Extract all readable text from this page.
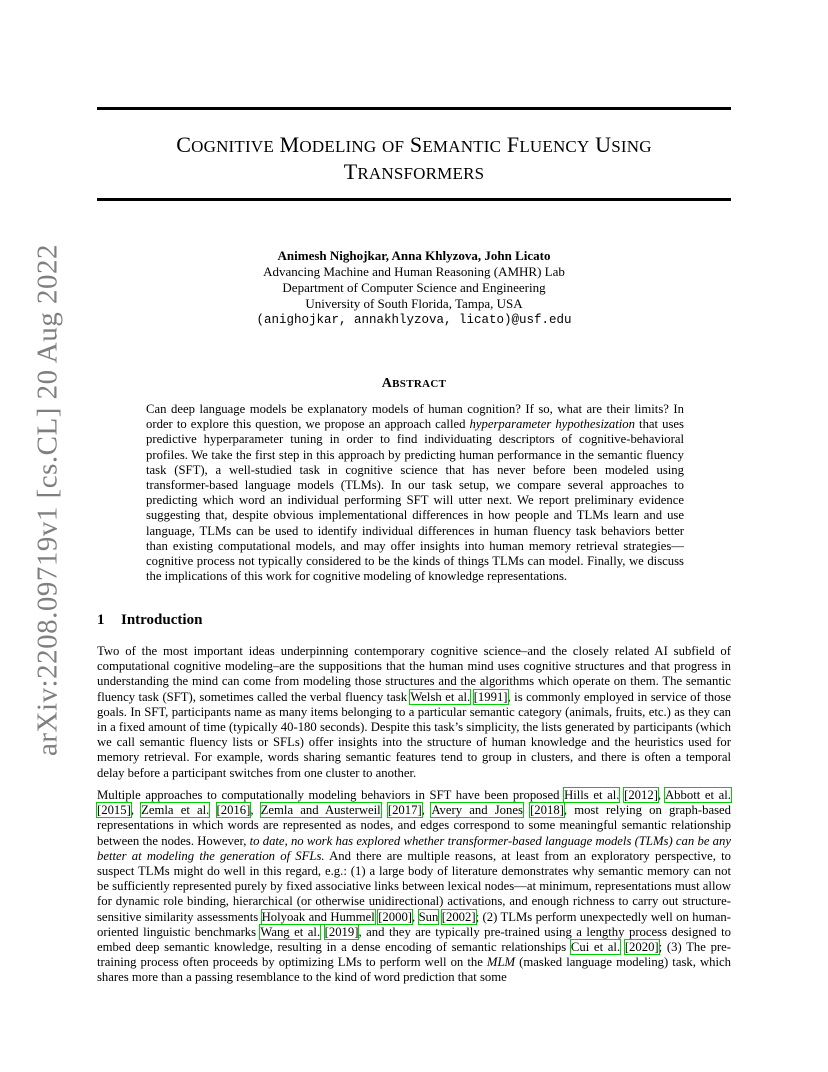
arXiv:2208.09719v1 [cs.CL] 20 Aug 2022
COGNITIVE MODELING OF SEMANTIC FLUENCY USING
TRANSFORMERS
Animesh Nighojkar, Anna Khlyzova, John Licato
Advancing Machine and Human Reasoning (AMHR) Lab
Department of Computer Science and Engineering
University of South Florida, Tampa, USA
(anighojkar, annakhlyzova, licato)@usf.edu
ABSTRACT

Can deep language models be explanatory models of human cognition? If so, what are their limits? In order to explore this question, we propose an approach called hyperparameter hypothesization that uses predictive hyperparameter tuning in order to find individuating descriptors of cognitive-behavioral profiles. We take the first step in this approach by predicting human performance in the semantic fluency task (SFT), a well-studied task in cognitive science that has never before been modeled using transformer-based language models (TLMs). In our task setup, we compare several approaches to predicting which word an individual performing SFT will utter next. We report preliminary evidence suggesting that, despite obvious implementational differences in how people and TLMs learn and use language, TLMs can be used to identify individual differences in human fluency task behaviors better than existing computational models, and may offer insights into human memory retrieval strategies—cognitive process not typically considered to be the kinds of things TLMs can model. Finally, we discuss the implications of this work for cognitive modeling of knowledge representations.

1 Introduction

Two of the most important ideas underpinning contemporary cognitive science–and the closely related AI subfield of computational cognitive modeling–are the suppositions that the human mind uses cognitive structures and that progress in understanding the mind can come from modeling those structures and the algorithms which operate on them. The semantic fluency task (SFT), sometimes called the verbal fluency task Welsh et al. [1991], is commonly employed in service of those goals. In SFT, participants name as many items belonging to a particular semantic category (animals, fruits, etc.) as they can in a fixed amount of time (typically 40-180 seconds). Despite this task’s simplicity, the lists generated by participants (which we call semantic fluency lists or SFLs) offer insights into the structure of human knowledge and the heuristics used for memory retrieval. For example, words sharing semantic features tend to group in clusters, and there is often a temporal delay before a participant switches from one cluster to another.

Multiple approaches to computationally modeling behaviors in SFT have been proposed Hills et al. [2012], Abbott et al. [2015], Zemla et al. [2016], Zemla and Austerweil [2017], Avery and Jones [2018], most relying on graph-based representations in which words are represented as nodes, and edges correspond to some meaningful semantic relationship between the nodes. However, to date, no work has explored whether transformer-based language models (TLMs) can be any better at modeling the generation of SFLs. And there are multiple reasons, at least from an exploratory perspective, to suspect TLMs might do well in this regard, e.g.: (1) a large body of literature demonstrates why semantic memory can not be sufficiently represented purely by fixed associative links between lexical nodes—at minimum, representations must allow for dynamic role binding, hierarchical (or otherwise unidirectional) activations, and enough richness to carry out structure-sensitive similarity assessments Holyoak and Hummel [2000], Sun [2002]; (2) TLMs perform unexpectedly well on human-oriented linguistic benchmarks Wang et al. [2019], and they are typically pre-trained using a lengthy process designed to embed deep semantic knowledge, resulting in a dense encoding of semantic relationships Cui et al. [2020]; (3) The pre-training process often proceeds by optimizing LMs to perform well on the MLM (masked language modeling) task, which shares more than a passing resemblance to the kind of word prediction that some
